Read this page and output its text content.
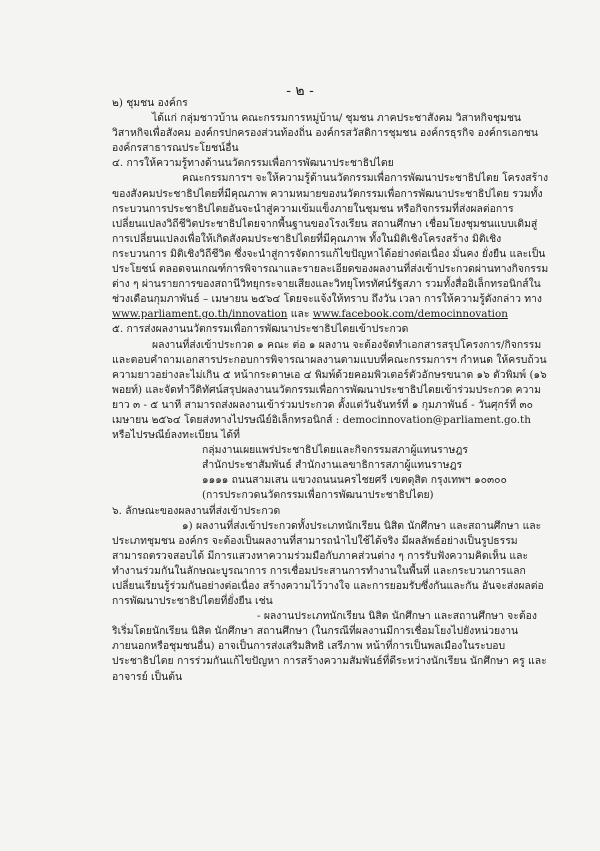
- ๒ -

๒) ชุมชน องค์กร

ได้แก่ กลุ่มชาวบ้าน คณะกรรมการหมู่บ้าน/ ชุมชน ภาคประชาสังคม วิสาหกิจชุมชน วิสาหกิจเพื่อสังคม องค์กรปกครองส่วนท้องถิ่น องค์กรสวัสดิการชุมชน องค์กรธุรกิจ องค์กรเอกชน องค์กรสาธารณประโยชน์อื่น

๔. การให้ความรู้ทางด้านนวัตกรรมเพื่อการพัฒนาประชาธิปไตย

คณะกรรมการฯ จะให้ความรู้ด้านนวัตกรรมเพื่อการพัฒนาประชาธิปไตย โครงสร้างของสังคมประชาธิปไตยที่มีคุณภาพ ความหมายของนวัตกรรมเพื่อการพัฒนาประชาธิปไตย รวมทั้งกระบวนการประชาธิปไตยอันจะนำสู่ความเข้มแข็งภายในชุมชน หรือกิจกรรมที่ส่งผลต่อการเปลี่ยนแปลงวิถีชีวิตประชาธิปไตยจากพื้นฐานของโรงเรียน สถานศึกษา เชื่อมโยงชุมชนแบบเดิมสู่การเปลี่ยนแปลงเพื่อให้เกิดสังคมประชาธิปไตยที่มีคุณภาพ ทั้งในมิติเชิงโครงสร้าง มิติเชิงกระบวนการ มิติเชิงวิถีชีวิต ซึ่งจะนำสู่การจัดการแก้ไขปัญหาได้อย่างต่อเนื่อง มั่นคง ยั่งยืน และเป็นประโยชน์ ตลอดจนเกณฑ์การพิจารณาและรายละเอียดของผลงานที่ส่งเข้าประกวดผ่านทางกิจกรรมต่าง ๆ ผ่านรายการของสถานีวิทยุกระจายเสียงและวิทยุโทรทัศน์รัฐสภา รวมทั้งสื่ออิเล็กทรอนิกส์ในช่วงเดือนกุมภาพันธ์ – เมษายน ๒๕๖๔ โดยจะแจ้งให้ทราบ ถึงวัน เวลา การให้ความรู้ดังกล่าว ทาง www.parliament.go.th/innovation และ www.facebook.com/democinnovation

๕. การส่งผลงานนวัตกรรมเพื่อการพัฒนาประชาธิปไตยเข้าประกวด

ผลงานที่ส่งเข้าประกวด ๑ คณะ ต่อ ๑ ผลงาน จะต้องจัดทำเอกสารสรุปโครงการ/กิจกรรมและตอบคำถามเอกสารประกอบการพิจารณาผลงานตามแบบที่คณะกรรมการฯ กำหนด ให้ครบถ้วน ความยาวอย่างละไม่เกิน ๕ หน้ากระดาษเอ ๔ พิมพ์ด้วยคอมพิวเตอร์ตัวอักษรขนาด ๑๖ ตัวพิมพ์ (๑๖ พอยท์) และจัดทำวีดิทัศน์สรุปผลงานนวัตกรรมเพื่อการพัฒนาประชาธิปไตยเข้าร่วมประกวด ความยาว ๓ - ๕ นาที สามารถส่งผลงานเข้าร่วมประกวด ตั้งแต่วันจันทร์ที่ ๑ กุมภาพันธ์ - วันศุกร์ที่ ๓๐ เมษายน ๒๕๖๔ โดยส่งทางไปรษณีย์อิเล็กทรอนิกส์ : democinnovation@parliament.go.th หรือไปรษณีย์ลงทะเบียน ได้ที่

กลุ่มงานเผยแพร่ประชาธิปไตยและกิจกรรมสภาผู้แทนราษฎร
สำนักประชาสัมพันธ์ สำนักงานเลขาธิการสภาผู้แทนราษฎร
๑๑๑๑ ถนนสามเสน แขวงถนนนครไชยศรี เขตดุสิต กรุงเทพฯ ๑๐๓๐๐
(การประกวดนวัตกรรมเพื่อการพัฒนาประชาธิปไตย)

๖. ลักษณะของผลงานที่ส่งเข้าประกวด

๑) ผลงานที่ส่งเข้าประกวดทั้งประเภทนักเรียน นิสิต นักศึกษา และสถานศึกษา และประเภทชุมชน องค์กร จะต้องเป็นผลงานที่สามารถนำไปใช้ได้จริง มีผลลัพธ์อย่างเป็นรูปธรรม สามารถตรวจสอบได้ มีการแสวงหาความร่วมมือกับภาคส่วนต่าง ๆ การรับฟังความคิดเห็น และทำงานร่วมกันในลักษณะบูรณาการ การเชื่อมประสานการทำงานในพื้นที่ และกระบวนการแลกเปลี่ยนเรียนรู้ร่วมกันอย่างต่อเนื่อง สร้างความไว้วางใจ และการยอมรับซึ่งกันและกัน อันจะส่งผลต่อการพัฒนาประชาธิปไตยที่ยั่งยืน เช่น

- ผลงานประเภทนักเรียน นิสิต นักศึกษา และสถานศึกษา จะต้องริเริ่มโดยนักเรียน นิสิต นักศึกษา สถานศึกษา (ในกรณีที่ผลงานมีการเชื่อมโยงไปยังหน่วยงานภายนอกหรือชุมชนอื่น) อาจเป็นการส่งเสริมสิทธิ เสรีภาพ หน้าที่การเป็นพลเมืองในระบอบประชาธิปไตย การร่วมกันแก้ไขปัญหา การสร้างความสัมพันธ์ที่ดีระหว่างนักเรียน นักศึกษา ครู และอาจารย์ เป็นต้น
